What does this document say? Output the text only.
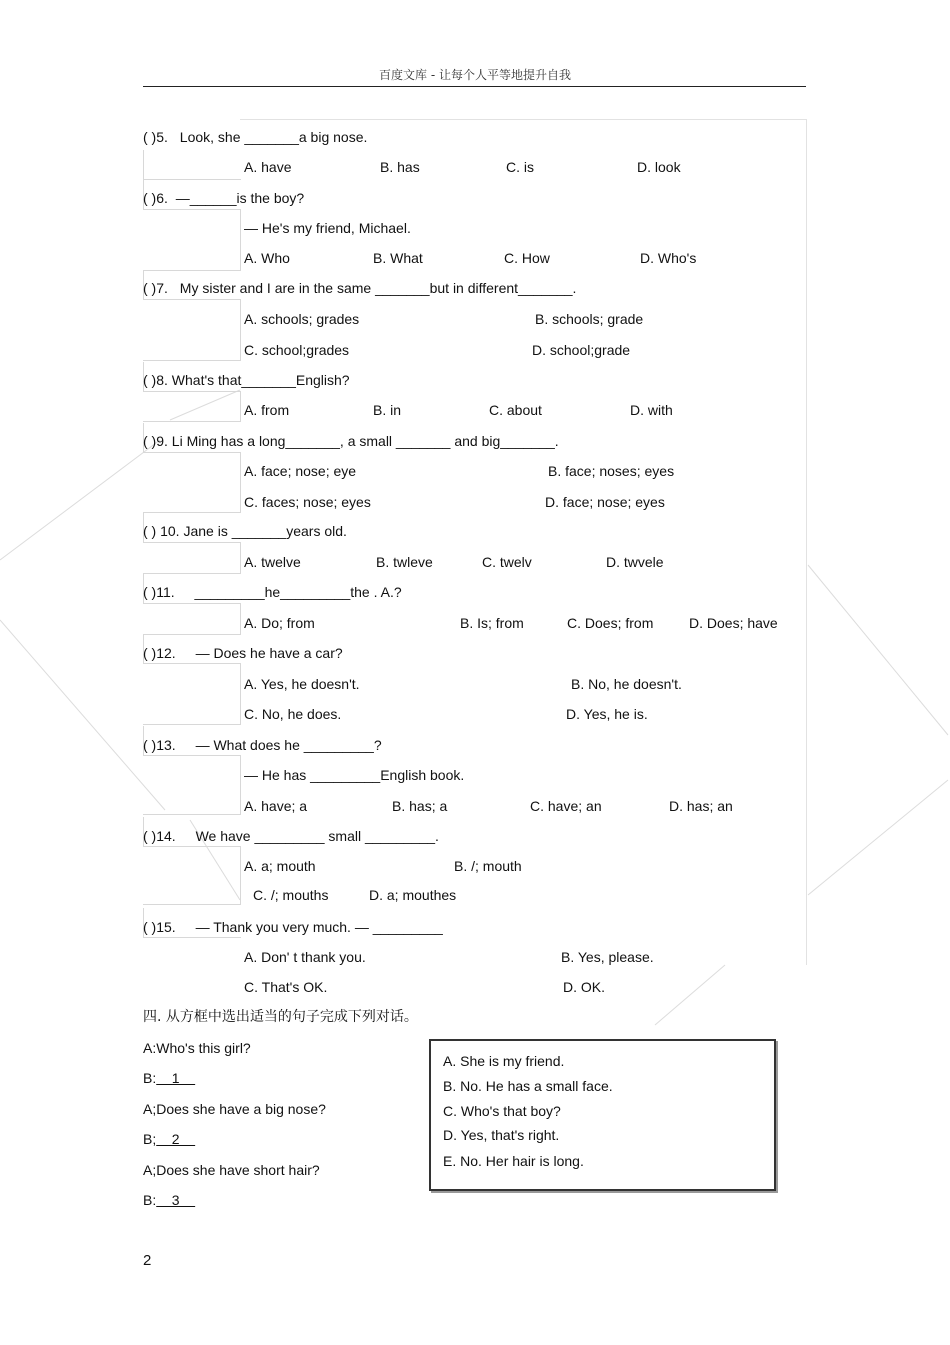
百度文库 - 让每个人平等地提升自我
( )5. Look, she _______a big nose.
A. have	B. has	C. is	D. look
( )6. —______is the boy?
— He's my friend, Michael.
A. Who	B. What	C. How	D. Who's
( )7. My sister and I are in the same _______but in different_______.
A. schools; grades	B. schools; grade
C. school;grades	D. school;grade
( )8. What's that_______English?
A. from	B. in	C. about	D. with
( )9. Li Ming has a long_______, a small _______ and big_______.
A. face; nose; eye	B. face; noses; eyes
C. faces; nose; eyes	D. face; nose; eyes
( ) 10. Jane is _______years old.
A. twelve	B. twleve	C. twelv	D. twvele
( )11. _________he_________the . A.?
A. Do; from	B. Is; from	C. Does; from	D. Does; have
( )12. — Does he have a car?
A. Yes, he doesn't.	B. No, he doesn't.
C. No, he does.	D. Yes, he is.
( )13. — What does he _________?
— He has _________English book.
A. have; a	B. has; a	C. have; an	D. has; an
( )14. We have _________ small _________.
A. a; mouth	B. /; mouth
C. /; mouths	D. a; mouthes
( )15. — Thank you very much. — _________
A. Don' t thank you.	B. Yes, please.
C. That's OK.	D. OK.
四. 从方框中选出适当的句子完成下列对话。
A:Who's this girl?
B:    1
A;Does she have a big nose?
B;    2
A;Does she have short hair?
B:    3
A. She is my friend.
B. No. He has a small face.
C. Who's that boy?
D. Yes, that's right.
E. No. Her hair is long.
2
